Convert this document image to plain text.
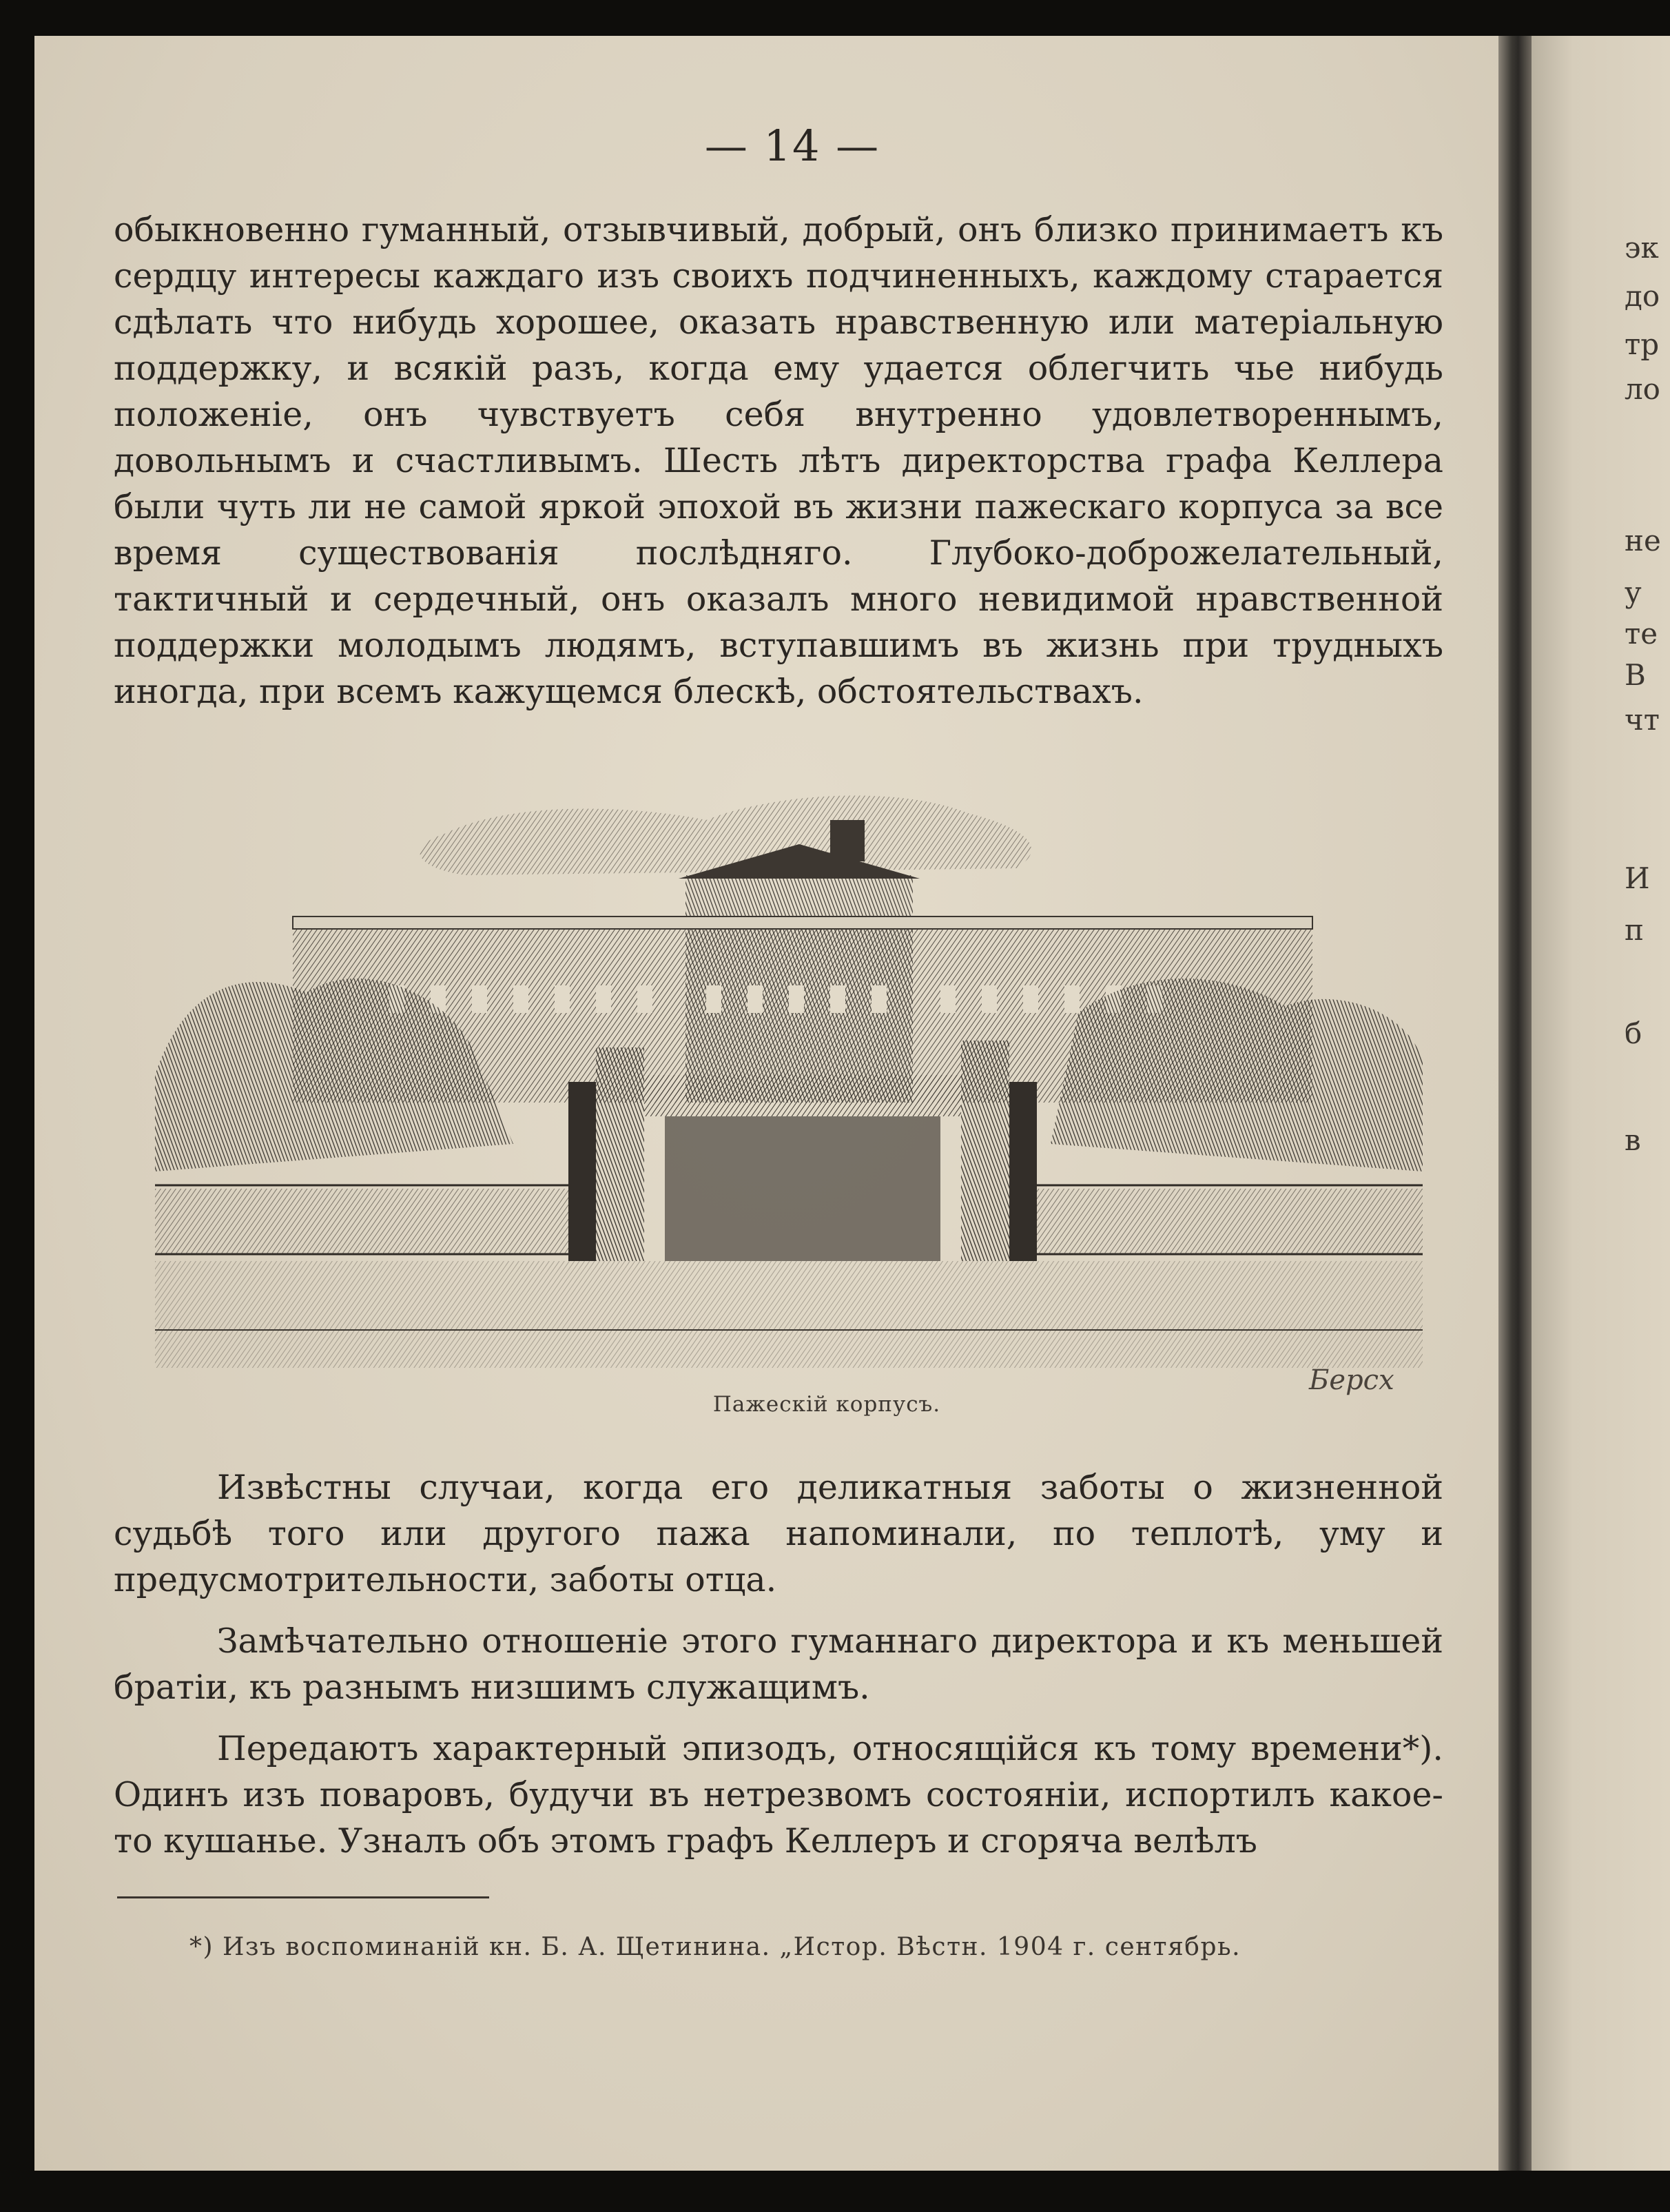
— 14 —

обыкновенно гуманный, отзывчивый, добрый, онъ близко принимаетъ къ сердцу интересы каждаго изъ своихъ подчиненныхъ, каждому старается сдѣлать что нибудь хорошее, оказать нравственную или матеріальную поддержку, и всякій разъ, когда ему удается облегчить чье нибудь положеніе, онъ чувствуетъ себя внутренно удовлетвореннымъ, довольнымъ и счастливымъ. Шесть лѣтъ директорства графа Келлера были чуть ли не самой яркой эпохой въ жизни пажескаго корпуса за все время существованія послѣдняго. Глубоко-доброжелательный, тактичный и сердечный, онъ оказалъ много невидимой нравственной поддержки молодымъ людямъ, вступавшимъ въ жизнь при трудныхъ иногда, при всемъ кажущемся блескѣ, обстоятельствахъ.

Берсх
Пажескій корпусъ.

Извѣстны случаи, когда его деликатныя заботы о жизненной судьбѣ того или другого пажа напоминали, по теплотѣ, уму и предусмотрительности, заботы отца.

Замѣчательно отношеніе этого гуманнаго директора и къ меньшей братіи, къ разнымъ низшимъ служащимъ.

Передаютъ характерный эпизодъ, относящійся къ тому времени*). Одинъ изъ поваровъ, будучи въ нетрезвомъ состояніи, испортилъ какое-то кушанье. Узналъ объ этомъ графъ Келлеръ и сгоряча велѣлъ

*) Изъ воспоминаній кн. Б. А. Щетинина. „Истор. Вѣстн. 1904 г. сентябрь.
эк
до
тр
ло
не
у
те
В
чт
И
п
б
в
